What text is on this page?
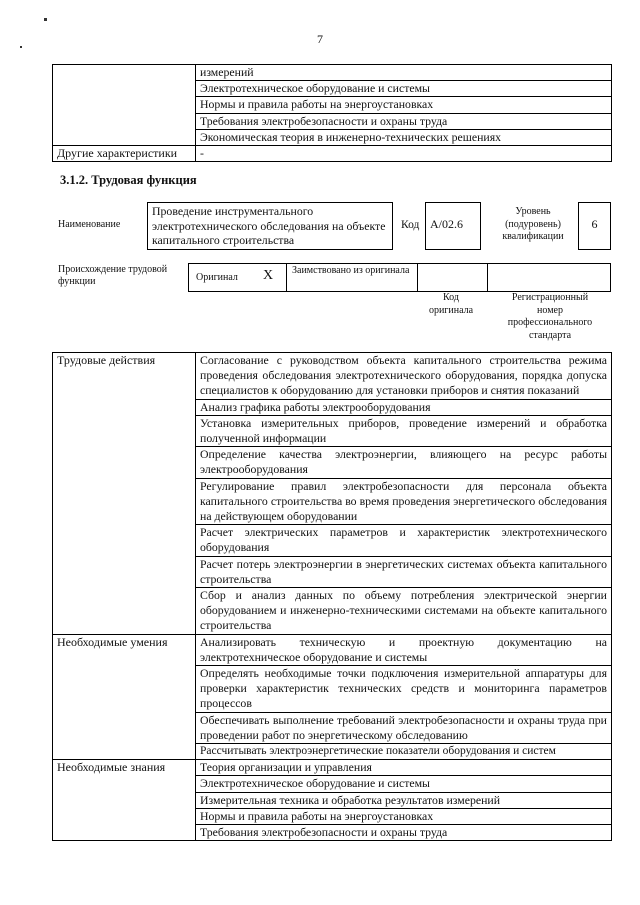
7
	измерений
	Электротехническое оборудование и системы
	Нормы и правила работы на энергоустановках
	Требования электробезопасности и охраны труда
	Экономическая теория в инженерно-технических решениях
Другие характеристики	-
3.1.2. Трудовая функция
Наименование
Проведение инструментального электротехнического обследования на объекте капитального строительства
Код A/02.6
Уровень (подуровень) квалификации
6
Происхождение трудовой функции	Оригинал X Заимствовано из оригинала
Код оригинала
Регистрационный номер профессионального стандарта
Трудовые действия	Согласование с руководством объекта капитального строительства режима проведения обследования электротехнического оборудования, порядка допуска специалистов к оборудованию для установки приборов и снятия показаний
	Анализ графика работы электрооборудования
	Установка измерительных приборов, проведение измерений и обработка полученной информации
	Определение качества электроэнергии, влияющего на ресурс работы электрооборудования
	Регулирование правил электробезопасности для персонала объекта капитального строительства во время проведения энергетического обследования на действующем оборудовании
	Расчет электрических параметров и характеристик электротехнического оборудования
	Расчет потерь электроэнергии в энергетических системах объекта капитального строительства
	Сбор и анализ данных по объему потребления электрической энергии оборудованием и инженерно-техническими системами на объекте капитального строительства
Необходимые умения	Анализировать техническую и проектную документацию на электротехническое оборудование и системы
	Определять необходимые точки подключения измерительной аппаратуры для проверки характеристик технических средств и мониторинга параметров процессов
	Обеспечивать выполнение требований электробезопасности и охраны труда при проведении работ по энергетическому обследованию
	Рассчитывать электроэнергетические показатели оборудования и систем
Необходимые знания	Теория организации и управления
	Электротехническое оборудование и системы
	Измерительная техника и обработка результатов измерений
	Нормы и правила работы на энергоустановках
	Требования электробезопасности и охраны труда
